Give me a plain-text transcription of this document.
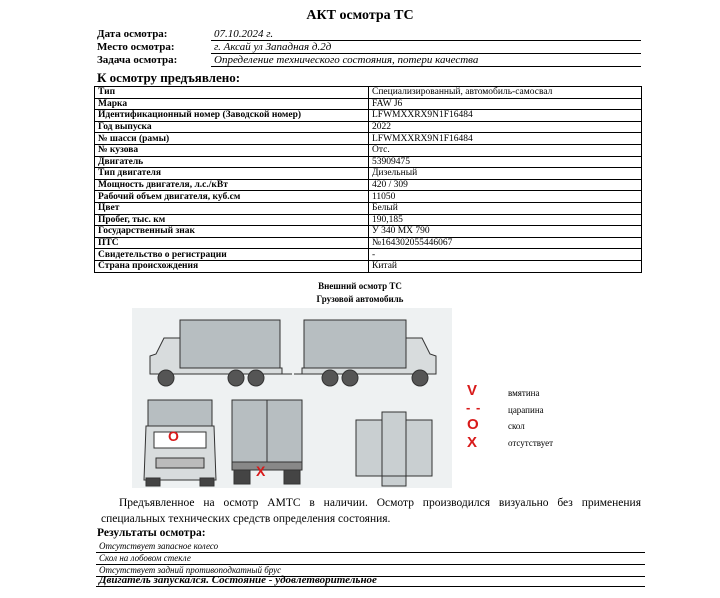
АКТ осмотра ТС
Дата осмотра:	07.10.2024 г.
Место осмотра:	г. Аксай ул Западная д.2д
Задача осмотра:	Определение технического состояния, потери качества
К осмотру предъявлено:
Тип	Специализированный, автомобиль-самосвал
Марка	FAW J6
Идентификационный номер (Заводской номер)	LFWMXXRX9N1F16484
Год выпуска	2022
№ шасси (рамы)	LFWMXXRX9N1F16484
№ кузова	Отс.
Двигатель	53909475
Тип двигателя	Дизельный
Мощность двигателя, л.с./кВт	420 / 309
Рабочий объем двигателя, куб.см	11050
Цвет	Белый
Пробег, тыс. км	190,185
Государственный знак	У 340 МХ 790
ПТС	№164302055446067
Свидетельство о регистрации	-
Страна происхождения	Китай
Внешний осмотр ТС
Грузовой автомобиль
O
X
V	вмятина
- -	царапина
O	скол
X	отсутствует
Предъявленное на осмотр АМТС в наличии. Осмотр производился визуально без применения специальных технических средств определения состояния.
Результаты осмотра:
Отсутствует запасное колесо
Скол на лобовом стекле
Отсутствует задний противоподкатный брус
Двигатель запускался. Состояние - удовлетворительное
